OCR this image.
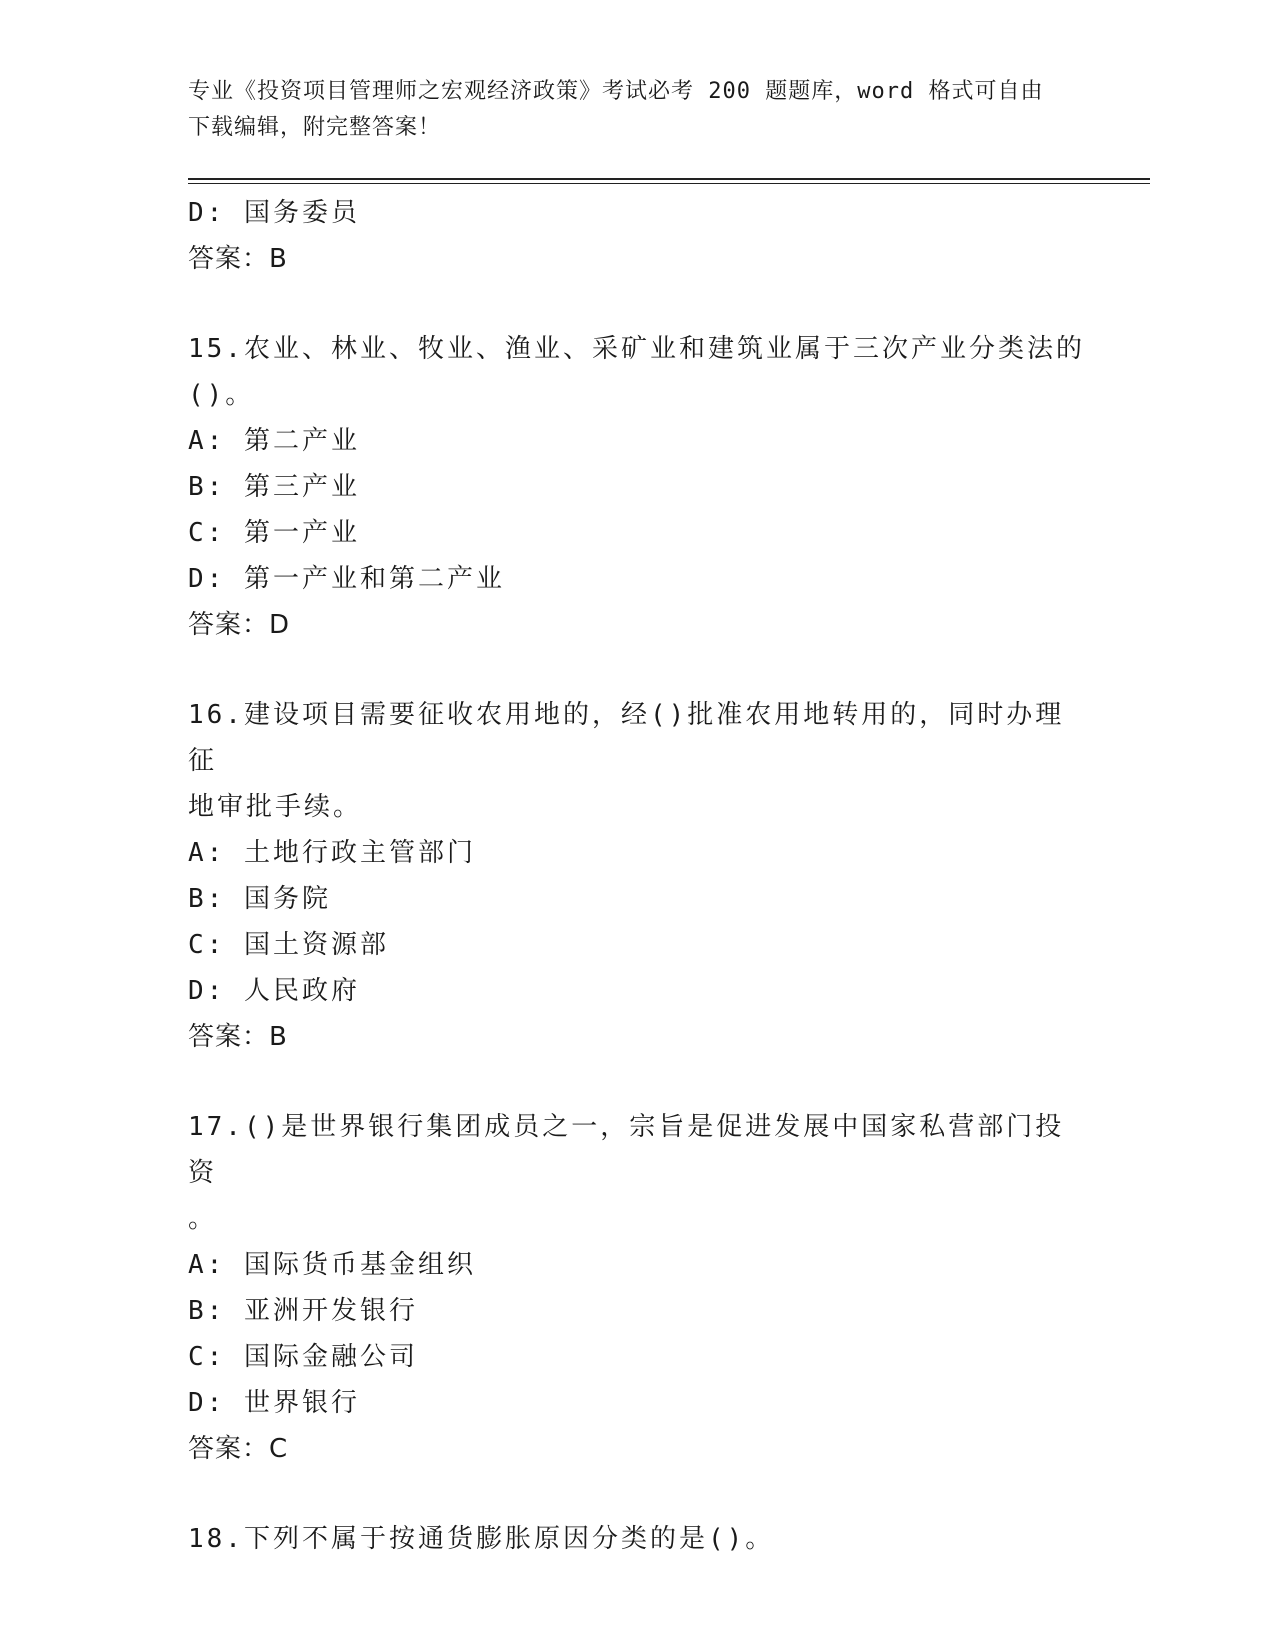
专业《投资项目管理师之宏观经济政策》考试必考 200 题题库，word 格式可自由
下载编辑，附完整答案！
D: 国务委员
答案：B
15.农业、林业、牧业、渔业、采矿业和建筑业属于三次产业分类法的
()。
A: 第二产业
B: 第三产业
C: 第一产业
D: 第一产业和第二产业
答案：D
16.建设项目需要征收农用地的，经()批准农用地转用的，同时办理征
地审批手续。
A: 土地行政主管部门
B: 国务院
C: 国土资源部
D: 人民政府
答案：B
17.()是世界银行集团成员之一，宗旨是促进发展中国家私营部门投资
。
A: 国际货币基金组织
B: 亚洲开发银行
C: 国际金融公司
D: 世界银行
答案：C
18.下列不属于按通货膨胀原因分类的是()。
